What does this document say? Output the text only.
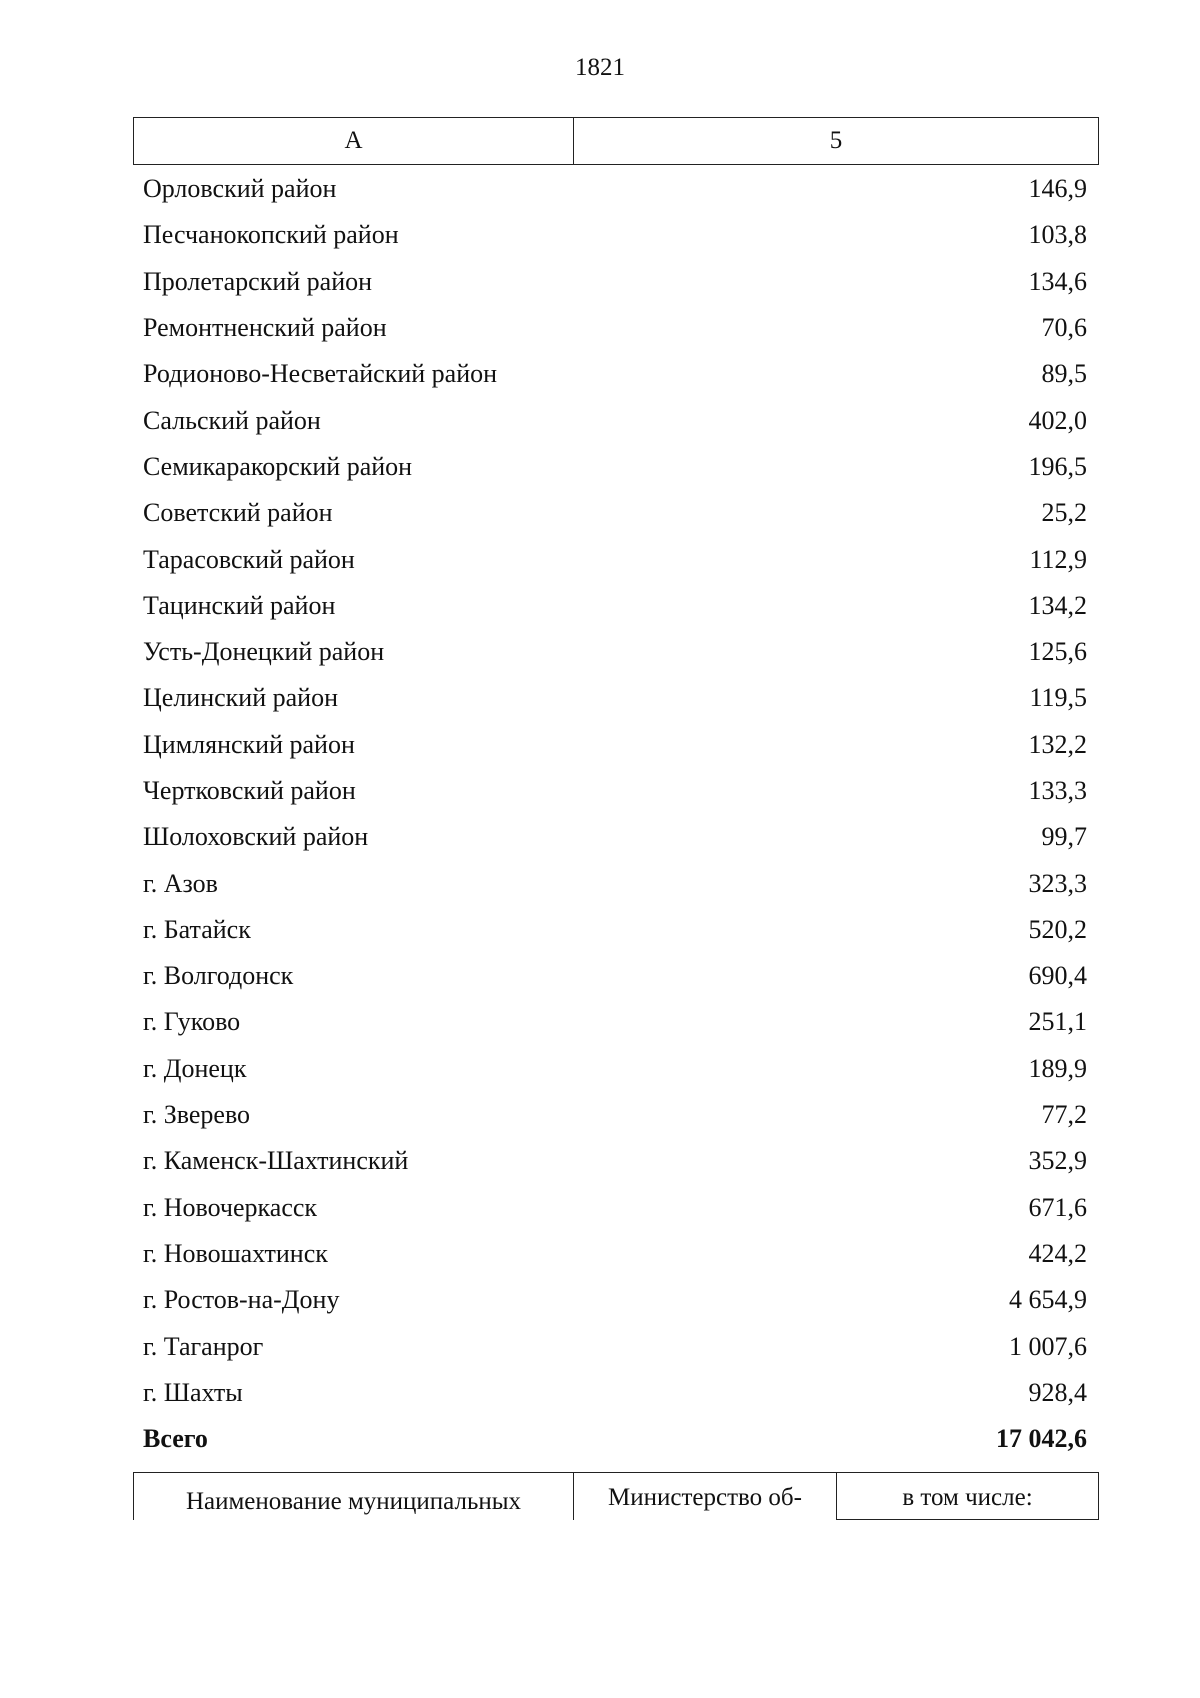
1821
А	5
Орловский район	146,9
Песчанокопский район	103,8
Пролетарский район	134,6
Ремонтненский район	70,6
Родионово-Несветайский район	89,5
Сальский район	402,0
Семикаракорский район	196,5
Советский район	25,2
Тарасовский район	112,9
Тацинский район	134,2
Усть-Донецкий район	125,6
Целинский район	119,5
Цимлянский район	132,2
Чертковский район	133,3
Шолоховский район	99,7
г. Азов	323,3
г. Батайск	520,2
г. Волгодонск	690,4
г. Гуково	251,1
г. Донецк	189,9
г. Зверево	77,2
г. Каменск-Шахтинский	352,9
г. Новочеркасск	671,6
г. Новошахтинск	424,2
г. Ростов-на-Дону	4 654,9
г. Таганрог	1 007,6
г. Шахты	928,4
Всего	17 042,6
Наименование муниципальных	Министерство об-	в том числе:
